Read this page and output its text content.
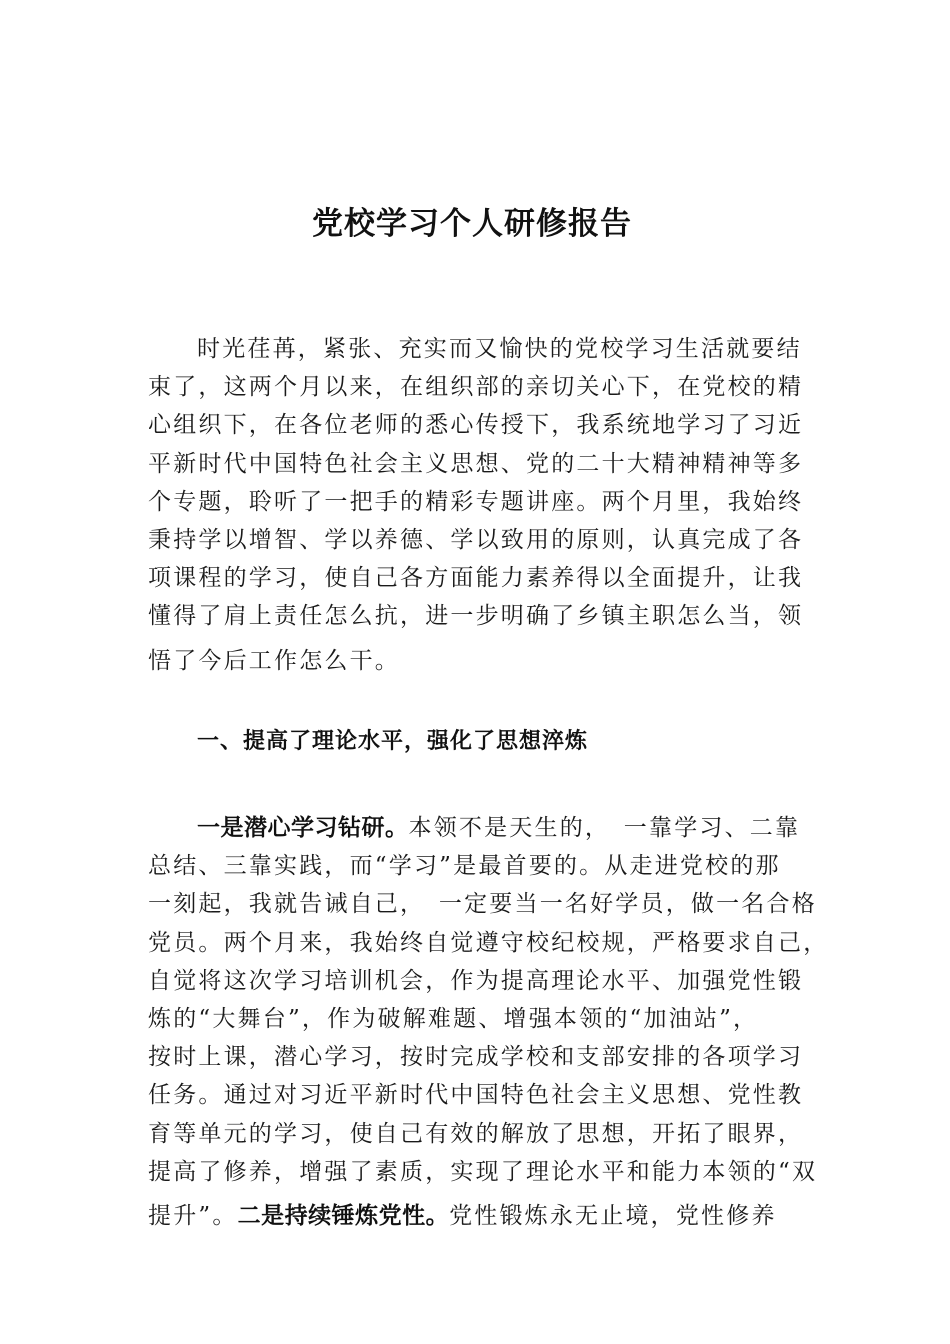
党校学习个人研修报告
时光荏苒，紧张、充实而又愉快的党校学习生活就要结
束了，这两个月以来，在组织部的亲切关心下，在党校的精
心组织下，在各位老师的悉心传授下，我系统地学习了习近
平新时代中国特色社会主义思想、党的二十大精神精神等多
个专题，聆听了一把手的精彩专题讲座。两个月里，我始终
秉持学以增智、学以养德、学以致用的原则，认真完成了各
项课程的学习，使自己各方面能力素养得以全面提升，让我
懂得了肩上责任怎么抗，进一步明确了乡镇主职怎么当，领
悟了今后工作怎么干。
一、提高了理论水平，强化了思想淬炼
一是潜心学习钻研。本领不是天生的，　一靠学习、二靠
总结、三靠实践，而“学习”是最首要的。从走进党校的那
一刻起，我就告诫自己，　一定要当一名好学员，做一名合格
党员。两个月来，我始终自觉遵守校纪校规，严格要求自己，
自觉将这次学习培训机会，作为提高理论水平、加强党性锻
炼的“大舞台”，作为破解难题、增强本领的“加油站”，
按时上课，潜心学习，按时完成学校和支部安排的各项学习
任务。通过对习近平新时代中国特色社会主义思想、党性教
育等单元的学习，使自己有效的解放了思想，开拓了眼界，
提高了修养，增强了素质，实现了理论水平和能力本领的“双
提升”。二是持续锤炼党性。党性锻炼永无止境，党性修养
